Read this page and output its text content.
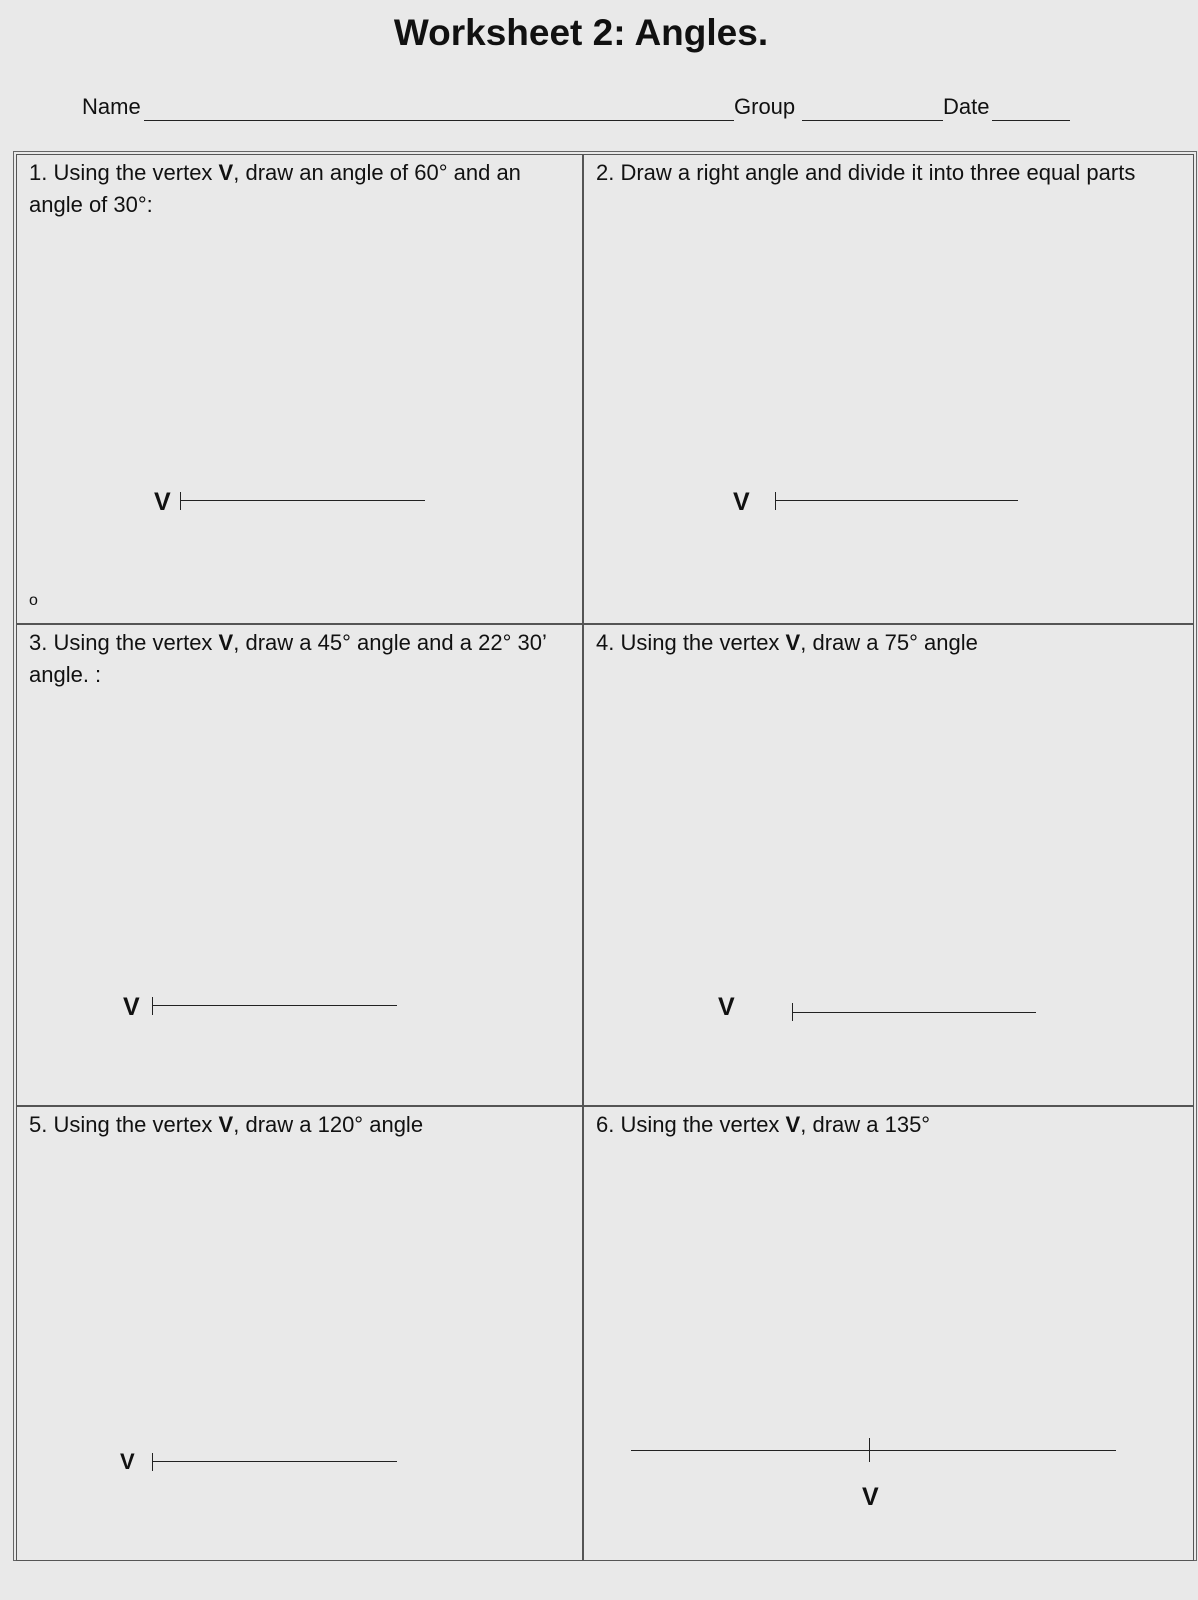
Worksheet 2: Angles.
Name	Group	Date

1. Using the vertex V, draw an angle of 60° and an angle of 30°:

V
o

2. Draw a right angle and divide it into three equal parts

V

3. Using the vertex V, draw a 45° angle and a 22° 30’ angle. :

V

4. Using the vertex V, draw a 75° angle

V

5. Using the vertex V, draw a 120° angle

V

6. Using the vertex V, draw a 135°

V
